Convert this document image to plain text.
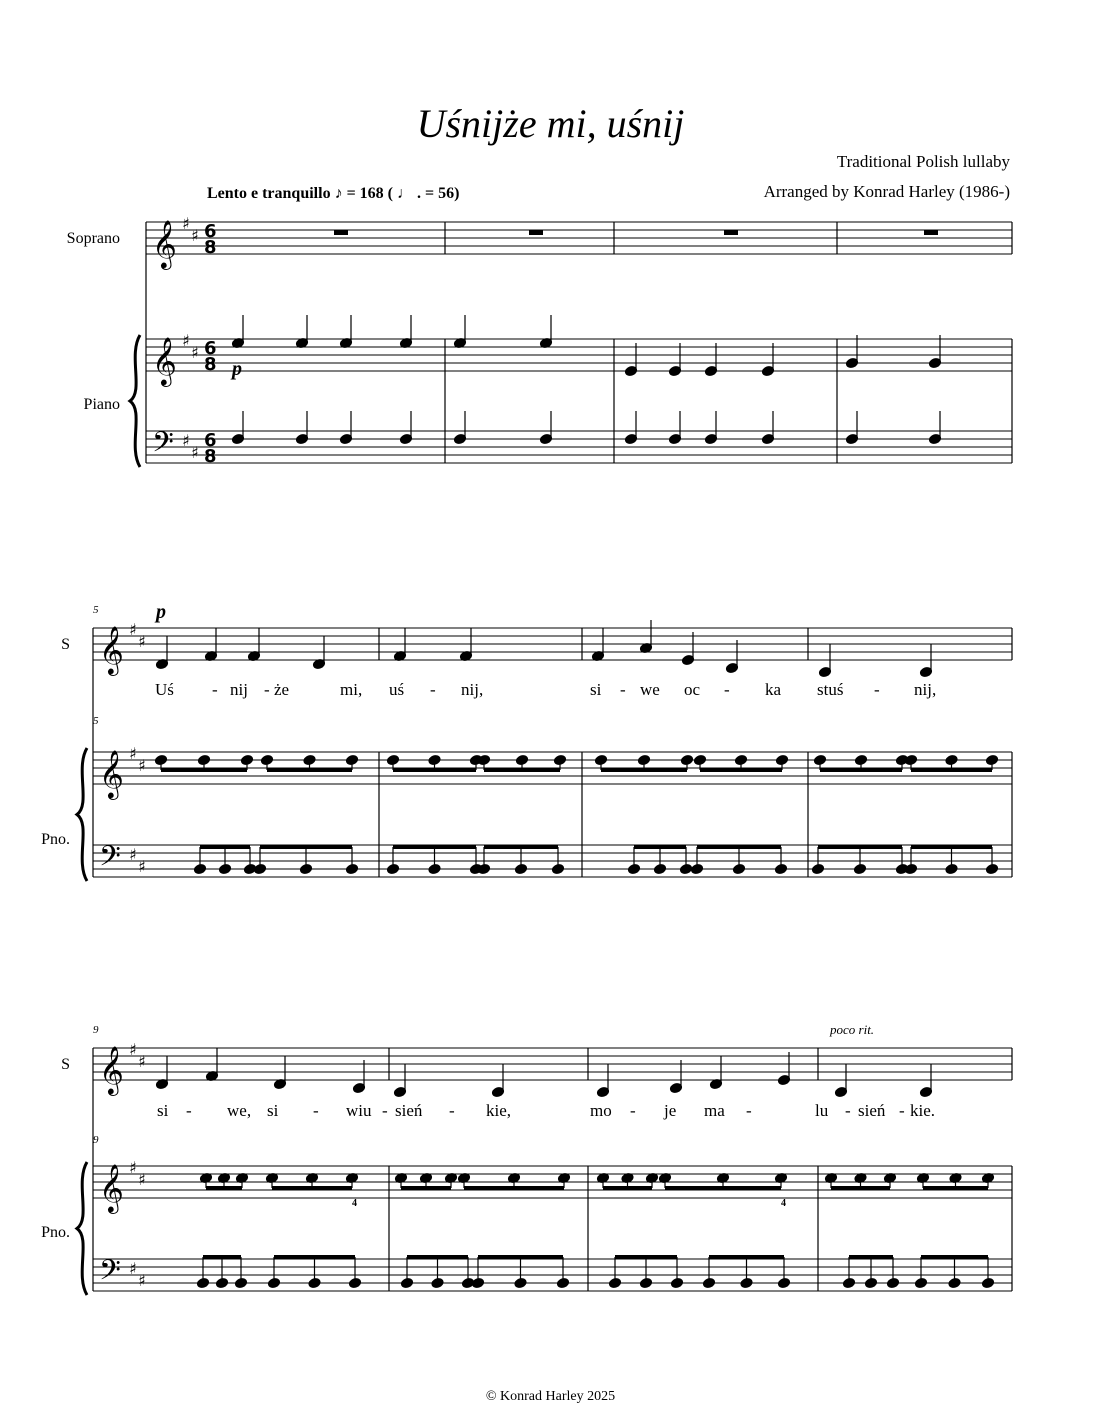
Uśnijże mi, uśnij
Traditional Polish lullaby
Arranged by Konrad Harley (1986-)
Lento e tranquillo ♪ = 168 ( ♩ . = 56)
Soprano
Piano
S
Pno.
S
Pno.
5
5
9
9
p
p
poco rit.
4	4
Uś - nij - że	mi, uś - nij,	si - we oc - ka stuś - nij,
si - we, si - wiu - sień - kie,	mo - je ma -	lu - sień - kie.
© Konrad Harley 2025
𝄞
𝄞
𝄢
♯
♯
♯
♯
♯
♯
6
8
6
8
6
8
𝄞
𝄞
𝄢
♯
♯
♯
♯
♯
♯
𝄞
𝄞
𝄢
♯
♯
♯
♯
♯
♯
